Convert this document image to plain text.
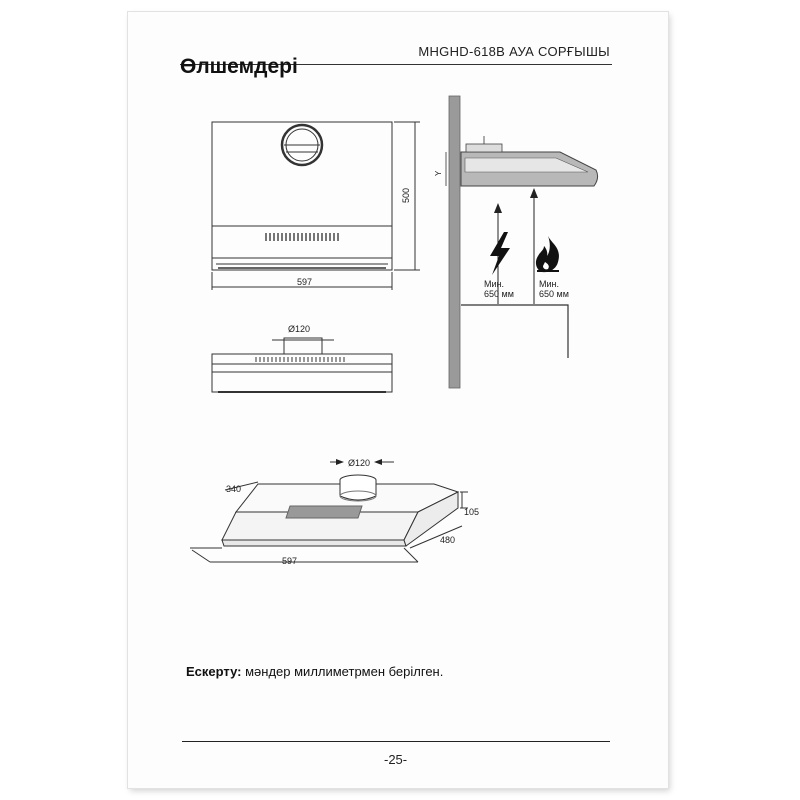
MHGHD-618B АУА СОРҒЫШЫ
Өлшемдері
597
500
Ø120
Y
Мин.
650 мм
Мин.
650 мм
Ø120
340
105
480
597
Ескерту: мәндер миллиметрмен берілген.
-25-
